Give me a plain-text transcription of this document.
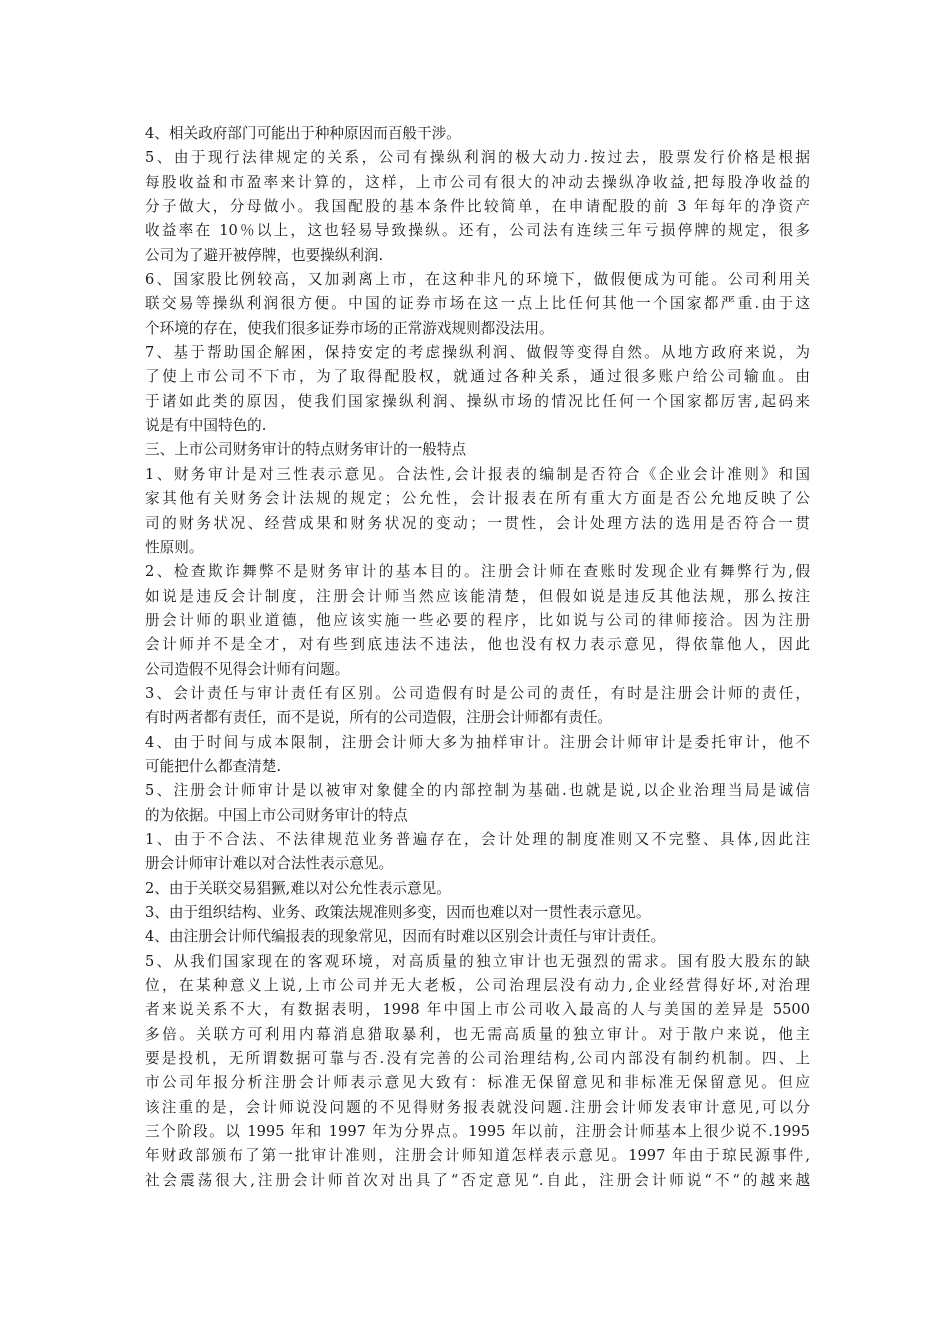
4、相关政府部门可能出于种种原因而百般干涉。
5、由于现行法律规定的关系，公司有操纵利润的极大动力.按过去，股票发行价格是根据
每股收益和市盈率来计算的，这样，上市公司有很大的冲动去操纵净收益,把每股净收益的
分子做大，分母做小。我国配股的基本条件比较简单，在申请配股的前 3 年每年的净资产
收益率在 10％以上，这也轻易导致操纵。还有，公司法有连续三年亏损停牌的规定，很多
公司为了避开被停牌，也要操纵利润.
6、国家股比例较高，又加剥离上市，在这种非凡的环境下，做假便成为可能。公司利用关
联交易等操纵利润很方便。中国的证券市场在这一点上比任何其他一个国家都严重.由于这
个环境的存在，使我们很多证券市场的正常游戏规则都没法用。
7、基于帮助国企解困，保持安定的考虑操纵利润、做假等变得自然。从地方政府来说，为
了使上市公司不下市，为了取得配股权，就通过各种关系，通过很多账户给公司输血。由
于诸如此类的原因，使我们国家操纵利润、操纵市场的情况比任何一个国家都厉害,起码来
说是有中国特色的.
三、上市公司财务审计的特点财务审计的一般特点
1、财务审计是对三性表示意见。合法性,会计报表的编制是否符合《企业会计准则》和国
家其他有关财务会计法规的规定；公允性，会计报表在所有重大方面是否公允地反映了公
司的财务状况、经营成果和财务状况的变动；一贯性，会计处理方法的选用是否符合一贯
性原则。
2、检查欺诈舞弊不是财务审计的基本目的。注册会计师在查账时发现企业有舞弊行为,假
如说是违反会计制度，注册会计师当然应该能清楚，但假如说是违反其他法规，那么按注
册会计师的职业道德，他应该实施一些必要的程序，比如说与公司的律师接洽。因为注册
会计师并不是全才，对有些到底违法不违法，他也没有权力表示意见，得依靠他人，因此
公司造假不见得会计师有问题。
3、会计责任与审计责任有区别。公司造假有时是公司的责任，有时是注册会计师的责任，
有时两者都有责任，而不是说，所有的公司造假，注册会计师都有责任。
4、由于时间与成本限制，注册会计师大多为抽样审计。注册会计师审计是委托审计，他不
可能把什么都查清楚.
5、注册会计师审计是以被审对象健全的内部控制为基础.也就是说,以企业治理当局是诚信
的为依据。中国上市公司财务审计的特点
1、由于不合法、不法律规范业务普遍存在，会计处理的制度准则又不完整、具体,因此注
册会计师审计难以对合法性表示意见。
2、由于关联交易猖獗,难以对公允性表示意见。
3、由于组织结构、业务、政策法规准则多变，因而也难以对一贯性表示意见。
4、由注册会计师代编报表的现象常见，因而有时难以区别会计责任与审计责任。
5、从我们国家现在的客观环境，对高质量的独立审计也无强烈的需求。国有股大股东的缺
位，在某种意义上说,上市公司并无大老板，公司治理层没有动力,企业经营得好坏,对治理
者来说关系不大，有数据表明，1998 年中国上市公司收入最高的人与美国的差异是 5500
多倍。关联方可利用内幕消息猎取暴利，也无需高质量的独立审计。对于散户来说，他主
要是投机，无所谓数据可靠与否.没有完善的公司治理结构,公司内部没有制约机制。四、上
市公司年报分析注册会计师表示意见大致有：标准无保留意见和非标准无保留意见。但应
该注重的是，会计师说没问题的不见得财务报表就没问题.注册会计师发表审计意见,可以分
三个阶段。以 1995 年和 1997 年为分界点。1995 年以前，注册会计师基本上很少说不.1995
年财政部颁布了第一批审计准则，注册会计师知道怎样表示意见。1997 年由于琼民源事件,
社会震荡很大,注册会计师首次对出具了“否定意见“.自此，注册会计师说“不“的越来越
